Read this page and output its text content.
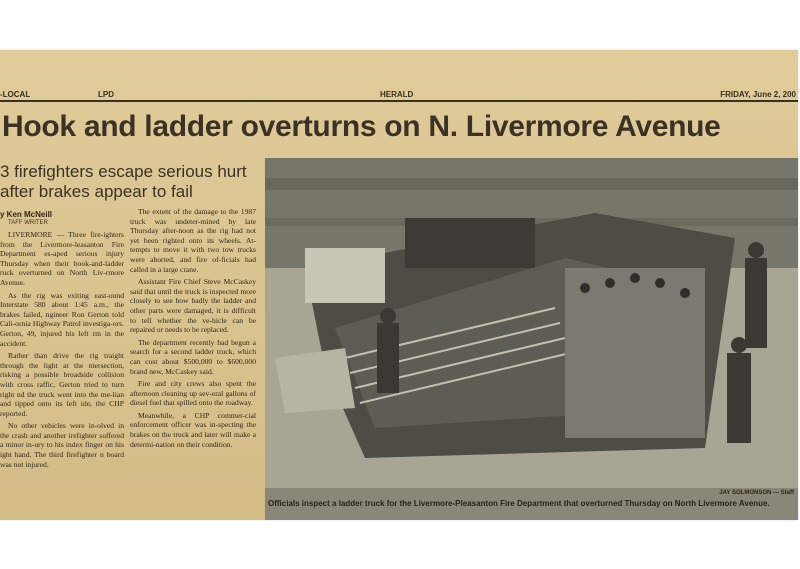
-LOCAL	LPD	HERALD	FRIDAY, June 2, 200
Hook and ladder overturns on N. Livermore Avenue
3 firefighters escape serious hurt after brakes appear to fail
y Ken McNeill
TAFF WRITER

LIVERMORE — Three fire-ighters from the Livermore-leasanton Fire Department es-aped serious injury Thursday when their hook-and-ladder ruck overturned on North Liv-rmore Avenue.

As the rig was exiting east-ound Interstate 580 about 1:45 a.m., the brakes failed, ngineer Ron Gerton told Cali-ornia Highway Patrol investiga-ors. Gerton, 49, injured his left rm in the accident.

Rather than drive the rig traight through the light at the ntersection, risking a possible broadside collision with cross raffic, Gerton tried to turn right nd the truck went into the me-lian and tipped onto its left ide, the CHP reported.

No other vehicles were in-olved in the crash and another irefighter suffered a minor in-ury to his index finger on his ight hand. The third firefighter n board was not injured.

The extent of the damage to the 1987 truck was undeter-mined by late Thursday after-noon as the rig had not yet been righted onto its wheels. At-tempts to move it with two tow trucks were aborted, and fire of-ficials had called in a large crane.

Assistant Fire Chief Steve McCaskey said that until the truck is inspected more closely to see how badly the ladder and other parts were damaged, it is difficult to tell whether the ve-hicle can be repaired or needs to be replaced.

The department recently had begun a search for a second ladder truck, which can cost about $500,000 to $600,000 brand new, McCaskey said.

Fire and city crews also spent the afternoon cleaning up sev-eral gallons of diesel fuel that spilled onto the roadway.

Meanwhile, a CHP commer-cial enforcement officer was in-specting the brakes on the truck and later will make a determi-nation on their condition.

JAY SOLMONSON — Staff
Officials inspect a ladder truck for the Livermore-Pleasanton Fire Department that overturned Thursday on North Livermore Avenue.
